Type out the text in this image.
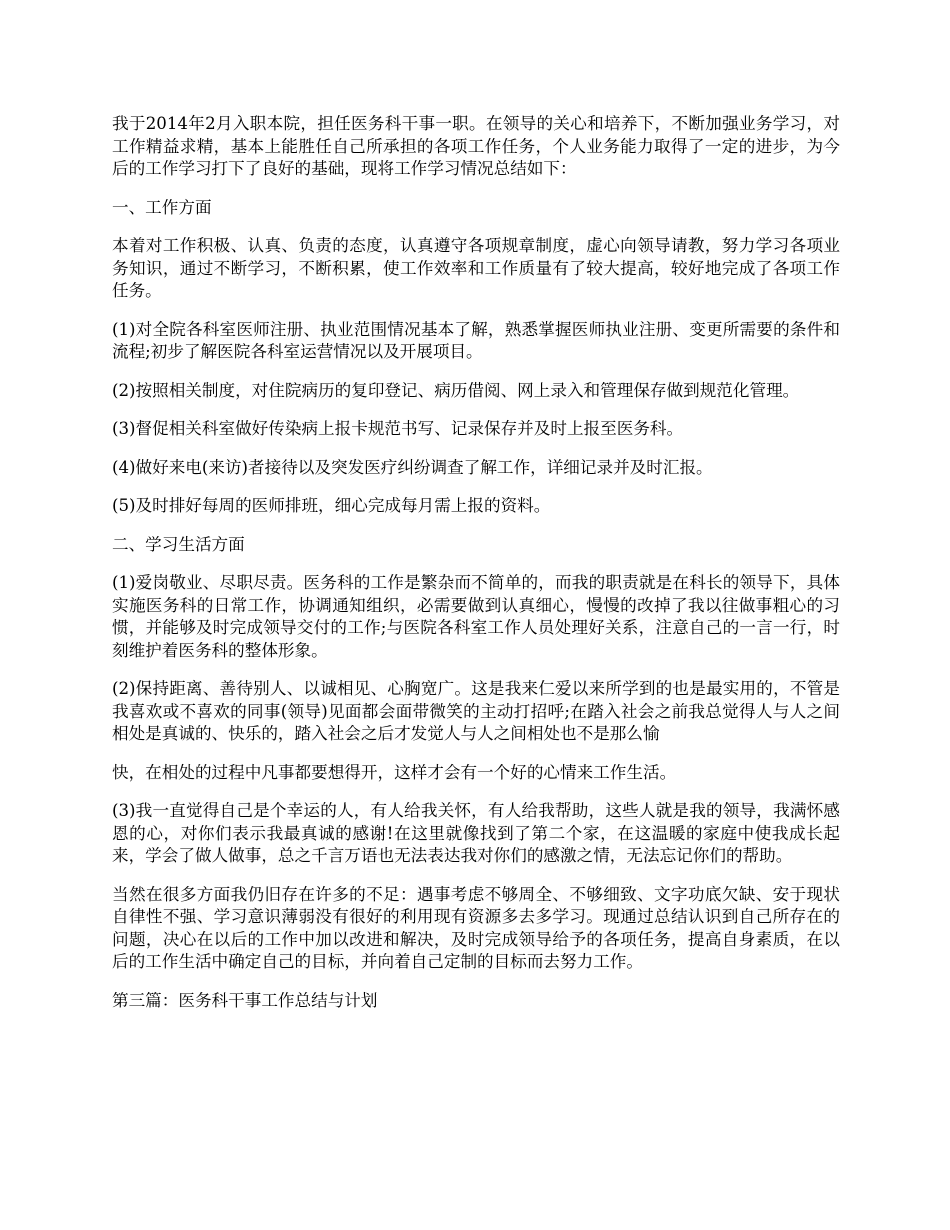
我于2014年2月入职本院，担任医务科干事一职。在领导的关心和培养下，不断加强业务学习，对工作精益求精，基本上能胜任自己所承担的各项工作任务，个人业务能力取得了一定的进步，为今后的工作学习打下了良好的基础，现将工作学习情况总结如下：

一、工作方面

本着对工作积极、认真、负责的态度，认真遵守各项规章制度，虚心向领导请教，努力学习各项业务知识，通过不断学习，不断积累，使工作效率和工作质量有了较大提高，较好地完成了各项工作任务。

(1)对全院各科室医师注册、执业范围情况基本了解，熟悉掌握医师执业注册、变更所需要的条件和流程;初步了解医院各科室运营情况以及开展项目。

(2)按照相关制度，对住院病历的复印登记、病历借阅、网上录入和管理保存做到规范化管理。

(3)督促相关科室做好传染病上报卡规范书写、记录保存并及时上报至医务科。

(4)做好来电(来访)者接待以及突发医疗纠纷调查了解工作，详细记录并及时汇报。

(5)及时排好每周的医师排班，细心完成每月需上报的资料。

二、学习生活方面

(1)爱岗敬业、尽职尽责。医务科的工作是繁杂而不简单的，而我的职责就是在科长的领导下，具体实施医务科的日常工作，协调通知组织，必需要做到认真细心，慢慢的改掉了我以往做事粗心的习惯，并能够及时完成领导交付的工作;与医院各科室工作人员处理好关系，注意自己的一言一行，时刻维护着医务科的整体形象。

(2)保持距离、善待别人、以诚相见、心胸宽广。这是我来仁爱以来所学到的也是最实用的，不管是我喜欢或不喜欢的同事(领导)见面都会面带微笑的主动打招呼;在踏入社会之前我总觉得人与人之间相处是真诚的、快乐的，踏入社会之后才发觉人与人之间相处也不是那么愉

快，在相处的过程中凡事都要想得开，这样才会有一个好的心情来工作生活。

(3)我一直觉得自己是个幸运的人，有人给我关怀，有人给我帮助，这些人就是我的领导，我满怀感恩的心，对你们表示我最真诚的感谢!在这里就像找到了第二个家，在这温暖的家庭中使我成长起来，学会了做人做事，总之千言万语也无法表达我对你们的感激之情，无法忘记你们的帮助。

当然在很多方面我仍旧存在许多的不足：遇事考虑不够周全、不够细致、文字功底欠缺、安于现状自律性不强、学习意识薄弱没有很好的利用现有资源多去多学习。现通过总结认识到自己所存在的问题，决心在以后的工作中加以改进和解决，及时完成领导给予的各项任务，提高自身素质，在以后的工作生活中确定自己的目标，并向着自己定制的目标而去努力工作。

第三篇：医务科干事工作总结与计划
